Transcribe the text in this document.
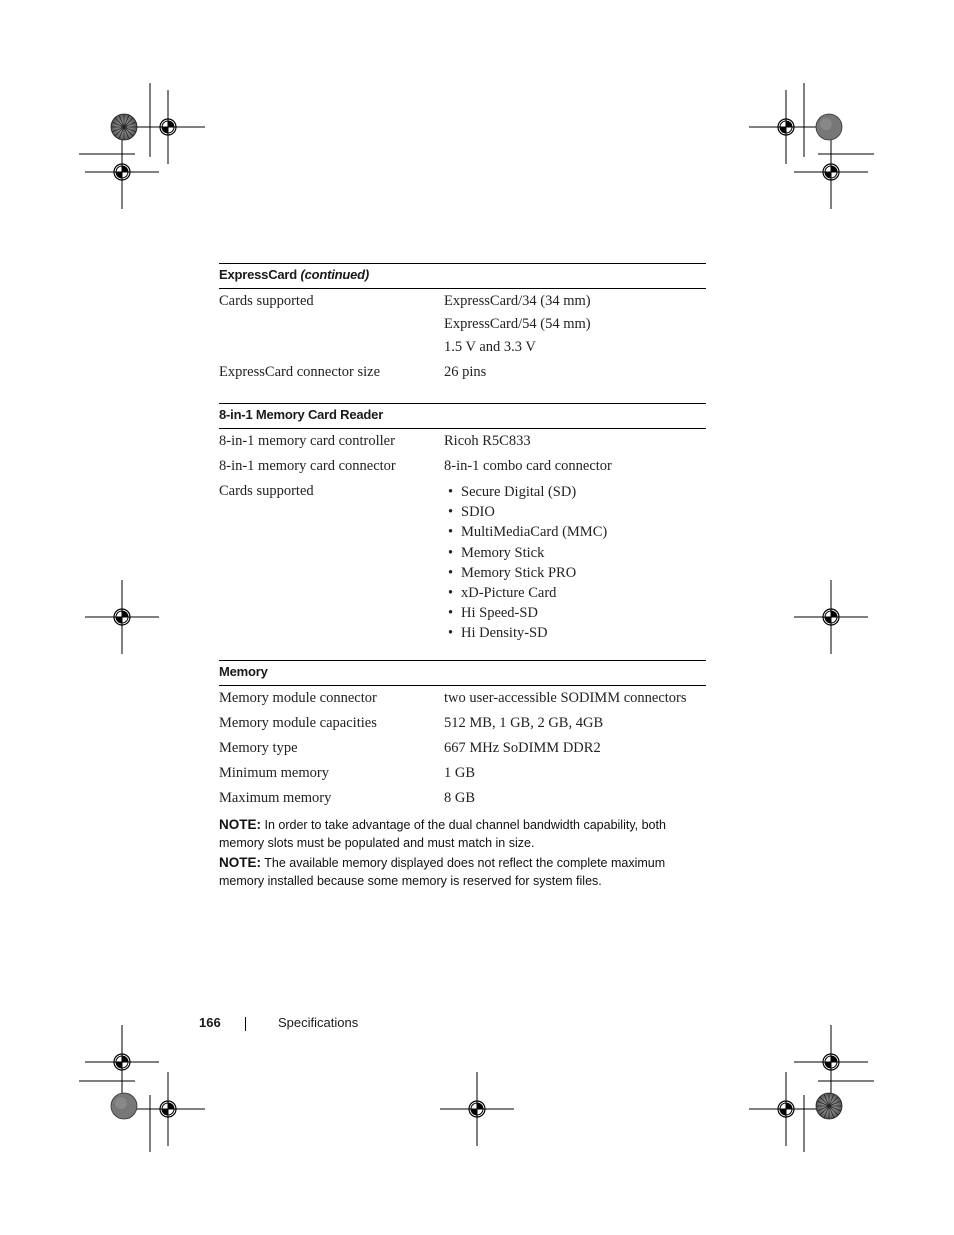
ExpressCard (continued)
Cards supported	ExpressCard/34 (34 mm)
ExpressCard/54 (54 mm)
1.5 V and 3.3 V
ExpressCard connector size	26 pins
8-in-1 Memory Card Reader
8-in-1 memory card controller	Ricoh R5C833
8-in-1 memory card connector	8-in-1 combo card connector
Cards supported	• Secure Digital (SD)
• SDIO
• MultiMediaCard (MMC)
• Memory Stick
• Memory Stick PRO
• xD-Picture Card
• Hi Speed-SD
• Hi Density-SD
Memory
Memory module connector	two user-accessible SODIMM connectors
Memory module capacities	512 MB, 1 GB, 2 GB, 4GB
Memory type	667 MHz SoDIMM DDR2
Minimum memory	1 GB
Maximum memory	8 GB
NOTE: In order to take advantage of the dual channel bandwidth capability, both memory slots must be populated and must match in size.
NOTE: The available memory displayed does not reflect the complete maximum memory installed because some memory is reserved for system files.
166	Specifications
